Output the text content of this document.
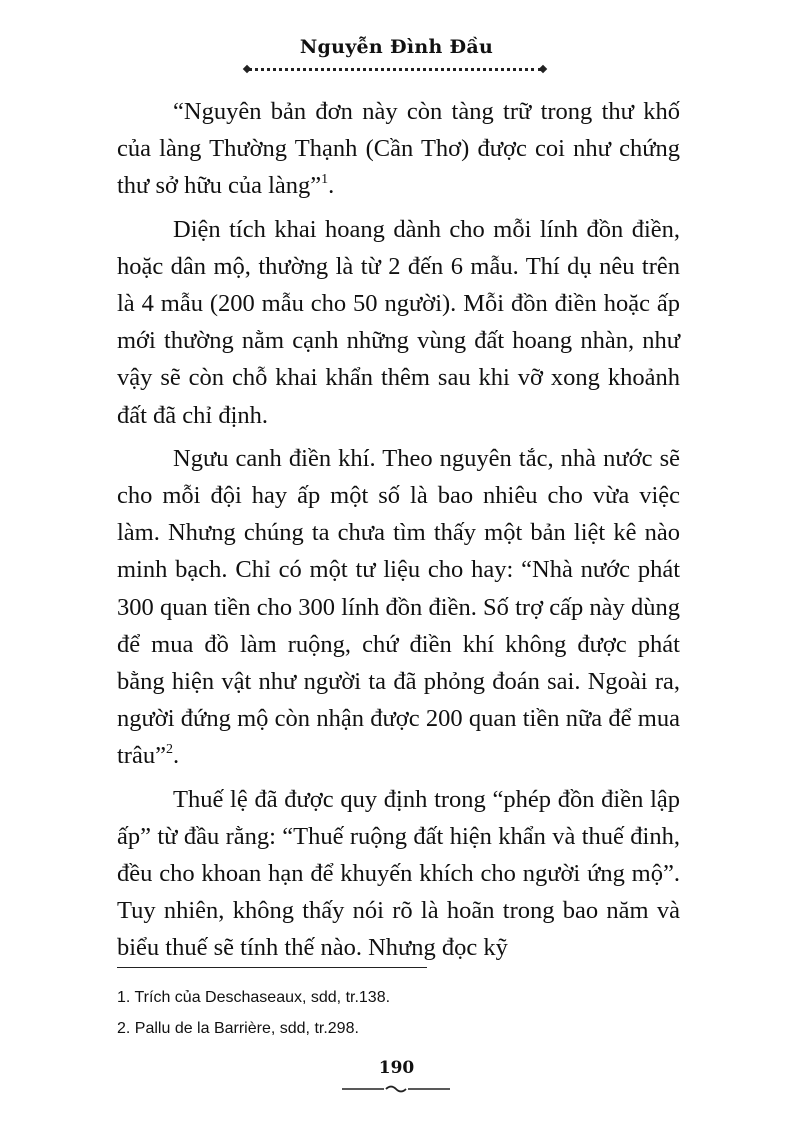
Nguyễn Đình Đầu

“Nguyên bản đơn này còn tàng trữ trong thư khố của làng Thường Thạnh (Cần Thơ) được coi như chứng thư sở hữu của làng”$^1$.

Diện tích khai hoang dành cho mỗi lính đồn điền, hoặc dân mộ, thường là từ 2 đến 6 mẫu. Thí dụ nêu trên là 4 mẫu (200 mẫu cho 50 người). Mỗi đồn điền hoặc ấp mới thường nằm cạnh những vùng đất hoang nhàn, như vậy sẽ còn chỗ khai khẩn thêm sau khi vỡ xong khoảnh đất đã chỉ định.

Ngưu canh điền khí. Theo nguyên tắc, nhà nước sẽ cho mỗi đội hay ấp một số là bao nhiêu cho vừa việc làm. Nhưng chúng ta chưa tìm thấy một bản liệt kê nào minh bạch. Chỉ có một tư liệu cho hay: “Nhà nước phát 300 quan tiền cho 300 lính đồn điền. Số trợ cấp này dùng để mua đồ làm ruộng, chứ điền khí không được phát bằng hiện vật như người ta đã phỏng đoán sai. Ngoài ra, người đứng mộ còn nhận được 200 quan tiền nữa để mua trâu”$^2$.

Thuế lệ đã được quy định trong “phép đồn điền lập ấp” từ đầu rằng: “Thuế ruộng đất hiện khẩn và thuế đinh, đều cho khoan hạn để khuyến khích cho người ứng mộ”. Tuy nhiên, không thấy nói rõ là hoãn trong bao năm và biểu thuế sẽ tính thế nào. Nhưng đọc kỹ

1. Trích của Deschaseaux, sdd, tr.138.
2. Pallu de la Barrière, sdd, tr.298.
190
